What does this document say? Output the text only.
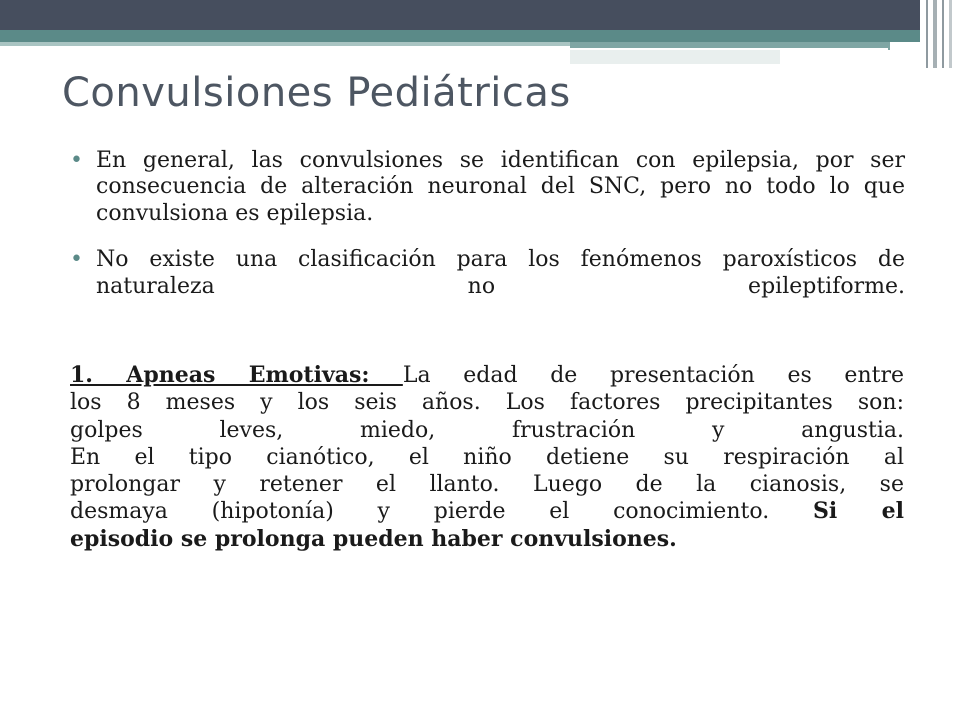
Convulsiones Pediátricas
• En general, las convulsiones se identifican con epilepsia, por ser consecuencia de alteración neuronal del SNC, pero no todo lo que convulsiona es epilepsia.
• No existe una clasificación para los fenómenos paroxísticos de naturaleza no epileptiforme.
1. Apneas Emotivas: La edad de presentación es entre
los 8 meses y los seis años. Los factores precipitantes son:
golpes leves, miedo, frustración y angustia.
En el tipo cianótico, el niño detiene su respiración al
prolongar y retener el llanto. Luego de la cianosis, se
desmaya (hipotonía) y pierde el conocimiento. Si el
episodio se prolonga pueden haber convulsiones.
